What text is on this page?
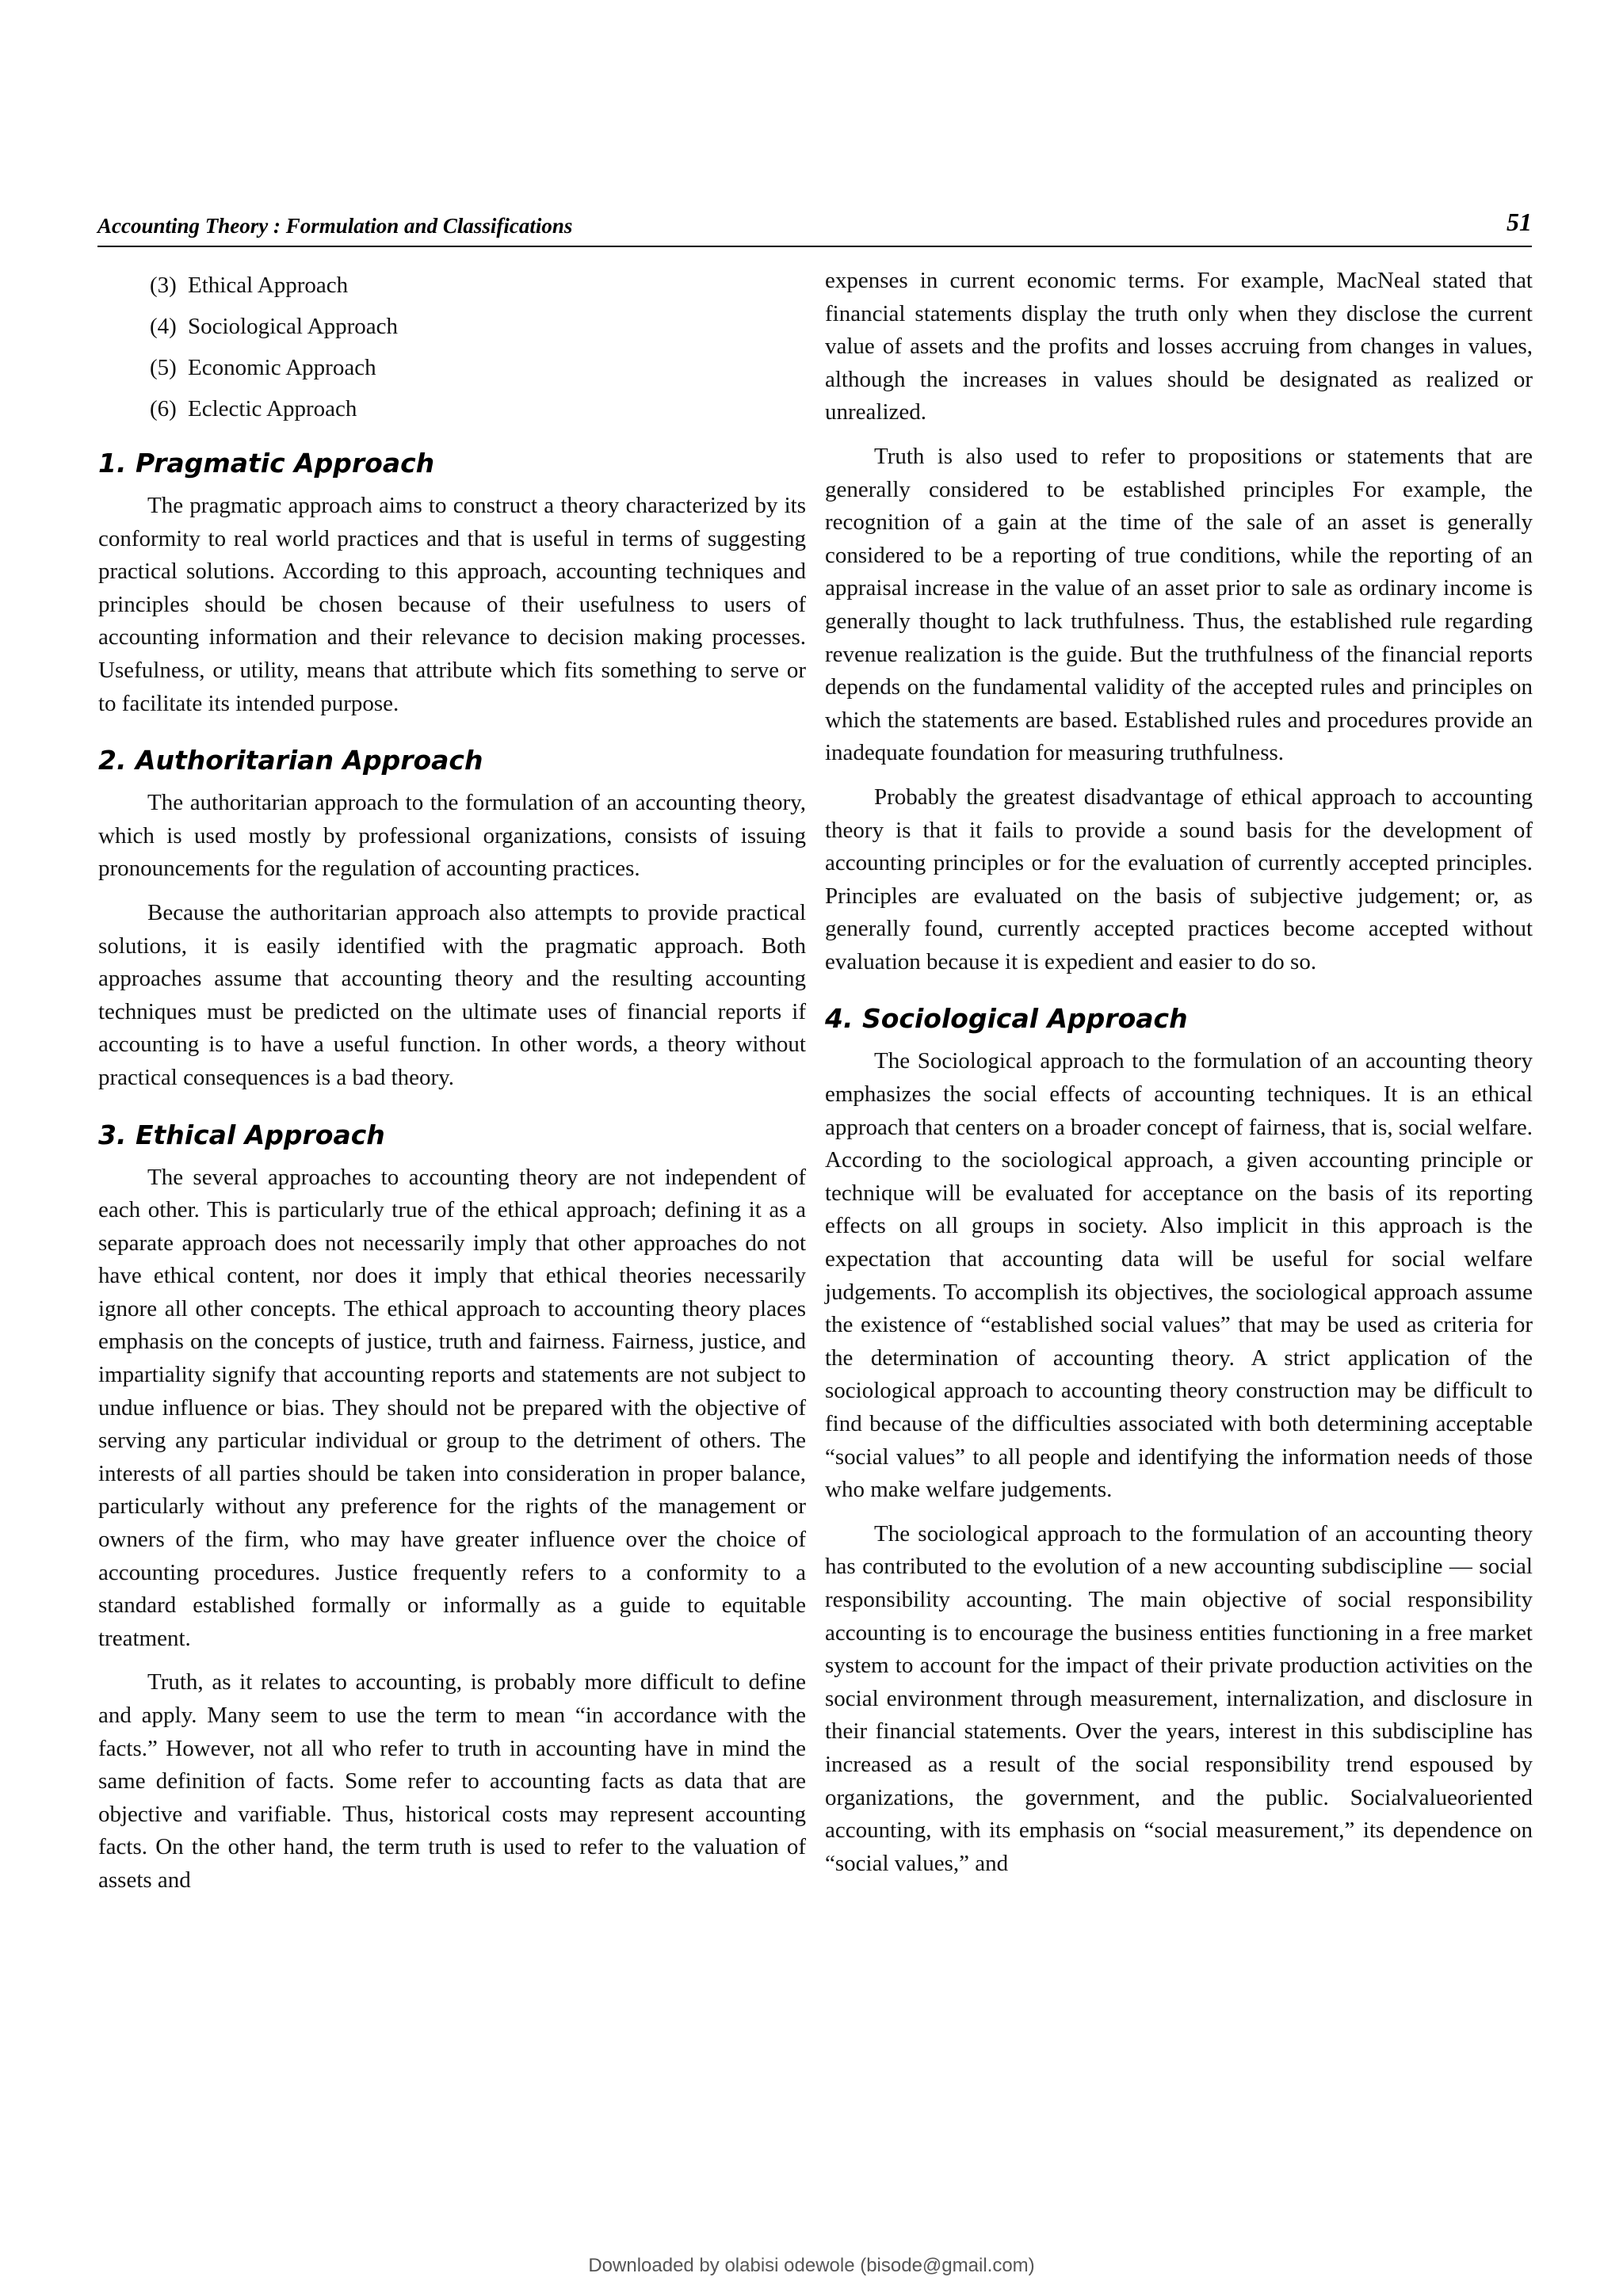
Accounting Theory : Formulation and Classifications	51
(3) Ethical Approach
(4) Sociological Approach
(5) Economic Approach
(6) Eclectic Approach
1. Pragmatic Approach

The pragmatic approach aims to construct a theory characterized by its conformity to real world practices and that is useful in terms of suggesting practical solutions. According to this approach, accounting techniques and principles should be chosen because of their usefulness to users of accounting information and their relevance to decision making processes. Usefulness, or utility, means that attribute which fits something to serve or to facilitate its intended purpose.

2. Authoritarian Approach

The authoritarian approach to the formulation of an accounting theory, which is used mostly by professional organizations, consists of issuing pronouncements for the regulation of accounting practices.

Because the authoritarian approach also attempts to provide practical solutions, it is easily identified with the pragmatic approach. Both approaches assume that accounting theory and the resulting accounting techniques must be predicted on the ultimate uses of financial reports if accounting is to have a useful function. In other words, a theory without practical consequences is a bad theory.

3. Ethical Approach

The several approaches to accounting theory are not independent of each other. This is particularly true of the ethical approach; defining it as a separate approach does not necessarily imply that other approaches do not have ethical content, nor does it imply that ethical theories necessarily ignore all other concepts. The ethical approach to accounting theory places emphasis on the concepts of justice, truth and fairness. Fairness, justice, and impartiality signify that accounting reports and statements are not subject to undue influence or bias. They should not be prepared with the objective of serving any particular individual or group to the detriment of others. The interests of all parties should be taken into consideration in proper balance, particularly without any preference for the rights of the management or owners of the firm, who may have greater influence over the choice of accounting procedures. Justice frequently refers to a conformity to a standard established formally or informally as a guide to equitable treatment.

Truth, as it relates to accounting, is probably more difficult to define and apply. Many seem to use the term to mean “in accordance with the facts.” However, not all who refer to truth in accounting have in mind the same definition of facts. Some refer to accounting facts as data that are objective and varifiable. Thus, historical costs may represent accounting facts. On the other hand, the term truth is used to refer to the valuation of assets and

expenses in current economic terms. For example, MacNeal stated that financial statements display the truth only when they disclose the current value of assets and the profits and losses accruing from changes in values, although the increases in values should be designated as realized or unrealized.

Truth is also used to refer to propositions or statements that are generally considered to be established principles For example, the recognition of a gain at the time of the sale of an asset is generally considered to be a reporting of true conditions, while the reporting of an appraisal increase in the value of an asset prior to sale as ordinary income is generally thought to lack truthfulness. Thus, the established rule regarding revenue realization is the guide. But the truthfulness of the financial reports depends on the fundamental validity of the accepted rules and principles on which the statements are based. Established rules and procedures provide an inadequate foundation for measuring truthfulness.

Probably the greatest disadvantage of ethical approach to accounting theory is that it fails to provide a sound basis for the development of accounting principles or for the evaluation of currently accepted principles. Principles are evaluated on the basis of subjective judgement; or, as generally found, currently accepted practices become accepted without evaluation because it is expedient and easier to do so.

4. Sociological Approach

The Sociological approach to the formulation of an accounting theory emphasizes the social effects of accounting techniques. It is an ethical approach that centers on a broader concept of fairness, that is, social welfare. According to the sociological approach, a given accounting principle or technique will be evaluated for acceptance on the basis of its reporting effects on all groups in society. Also implicit in this approach is the expectation that accounting data will be useful for social welfare judgements. To accomplish its objectives, the sociological approach assume the existence of “established social values” that may be used as criteria for the determination of accounting theory. A strict application of the sociological approach to accounting theory construction may be difficult to find because of the difficulties associated with both determining acceptable “social values” to all people and identifying the information needs of those who make welfare judgements.

The sociological approach to the formulation of an accounting theory has contributed to the evolution of a new accounting subdiscipline — social responsibility accounting. The main objective of social responsibility accounting is to encourage the business entities functioning in a free market system to account for the impact of their private production activities on the social environment through measurement, internalization, and disclosure in their financial statements. Over the years, interest in this subdiscipline has increased as a result of the social responsibility trend espoused by organizations, the government, and the public. Socialvalueoriented accounting, with its emphasis on “social measurement,” its dependence on “social values,” and

Downloaded by olabisi odewole (bisode@gmail.com)
